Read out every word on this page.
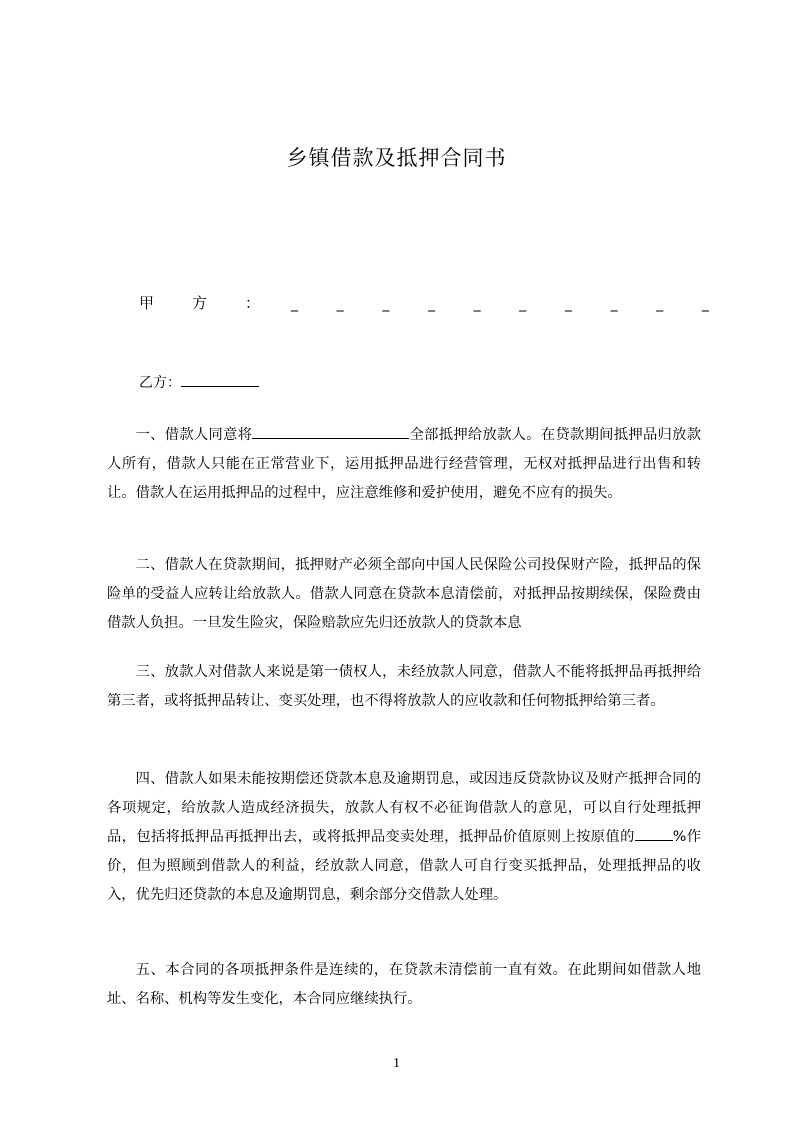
乡镇借款及抵押合同书
甲	方	： _	_	_	_	_	_	_	_	_	_
乙方：

一、借款人同意将	全部抵押给放款人。在贷款期间抵押品归放款人所有，借款人只能在正常营业下，运用抵押品进行经营管理，无权对抵押品进行出售和转让。借款人在运用抵押品的过程中，应注意维修和爱护使用，避免不应有的损失。

二、借款人在贷款期间，抵押财产必须全部向中国人民保险公司投保财产险，抵押品的保险单的受益人应转让给放款人。借款人同意在贷款本息清偿前，对抵押品按期续保，保险费由借款人负担。一旦发生险灾，保险赔款应先归还放款人的贷款本息

三、放款人对借款人来说是第一债权人，未经放款人同意，借款人不能将抵押品再抵押给第三者，或将抵押品转让、变买处理，也不得将放款人的应收款和任何物抵押给第三者。

四、借款人如果未能按期偿还贷款本息及逾期罚息，或因违反贷款协议及财产抵押合同的各项规定，给放款人造成经济损失，放款人有权不必征询借款人的意见，可以自行处理抵押品，包括将抵押品再抵押出去，或将抵押品变卖处理，抵押品价值原则上按原值的	%作价，但为照顾到借款人的利益，经放款人同意，借款人可自行变买抵押品，处理抵押品的收入，优先归还贷款的本息及逾期罚息，剩余部分交借款人处理。

五、本合同的各项抵押条件是连续的，在贷款未清偿前一直有效。在此期间如借款人地址、名称、机构等发生变化，本合同应继续执行。

1
